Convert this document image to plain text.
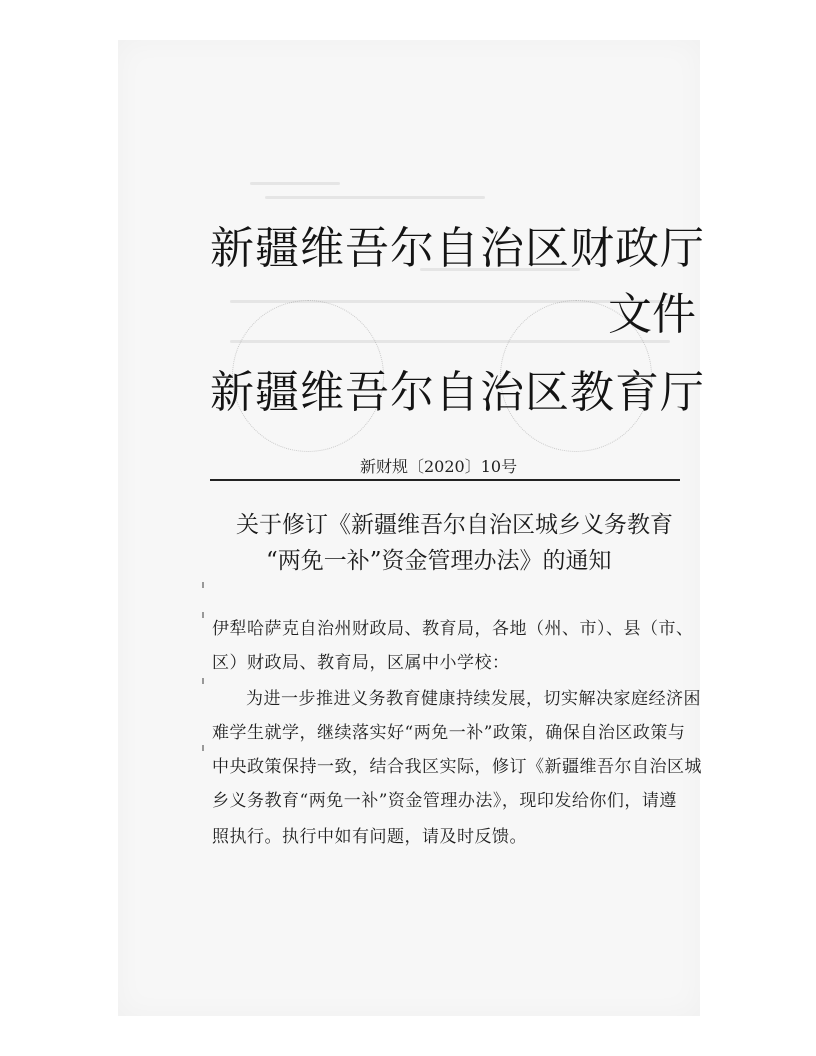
新疆维吾尔自治区财政厅
文件
新疆维吾尔自治区教育厅
新财规〔2020〕10号
关于修订《新疆维吾尔自治区城乡义务教育
“两免一补”资金管理办法》的通知
伊犁哈萨克自治州财政局、教育局，各地（州、市）、县（市、
区）财政局、教育局，区属中小学校：
为进一步推进义务教育健康持续发展，切实解决家庭经济困
难学生就学，继续落实好“两免一补”政策，确保自治区政策与
中央政策保持一致，结合我区实际，修订《新疆维吾尔自治区城
乡义务教育“两免一补”资金管理办法》，现印发给你们，请遵
照执行。执行中如有问题，请及时反馈。
